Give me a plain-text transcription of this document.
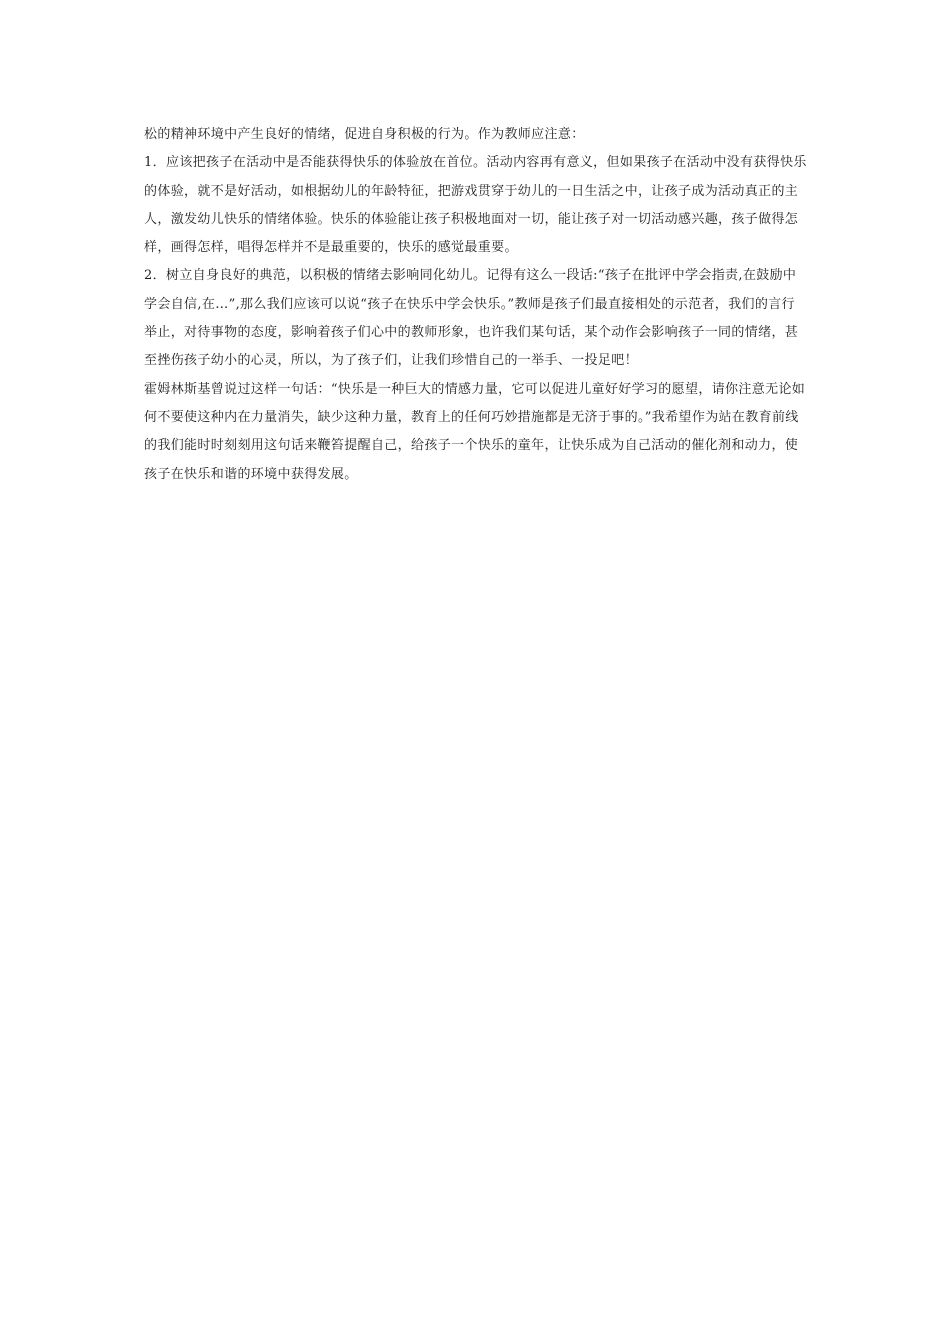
松的精神环境中产生良好的情绪，促进自身积极的行为。作为教师应注意：

1．应该把孩子在活动中是否能获得快乐的体验放在首位。活动内容再有意义，但如果孩子在活动中没有获得快乐的体验，就不是好活动，如根据幼儿的年龄特征，把游戏贯穿于幼儿的一日生活之中，让孩子成为活动真正的主人，激发幼儿快乐的情绪体验。快乐的体验能让孩子积极地面对一切，能让孩子对一切活动感兴趣，孩子做得怎样，画得怎样，唱得怎样并不是最重要的，快乐的感觉最重要。

2．树立自身良好的典范，以积极的情绪去影响同化幼儿。记得有这么一段话:“孩子在批评中学会指责,在鼓励中学会自信,在…”,那么我们应该可以说“孩子在快乐中学会快乐。”教师是孩子们最直接相处的示范者，我们的言行举止，对待事物的态度，影响着孩子们心中的教师形象，也许我们某句话，某个动作会影响孩子一同的情绪，甚至挫伤孩子幼小的心灵，所以，为了孩子们，让我们珍惜自己的一举手、一投足吧！

霍姆林斯基曾说过这样一句话：“快乐是一种巨大的情感力量，它可以促进儿童好好学习的愿望，请你注意无论如何不要使这种内在力量消失，缺少这种力量，教育上的任何巧妙措施都是无济于事的。”我希望作为站在教育前线的我们能时时刻刻用这句话来鞭笞提醒自己，给孩子一个快乐的童年，让快乐成为自己活动的催化剂和动力，使孩子在快乐和谐的环境中获得发展。
